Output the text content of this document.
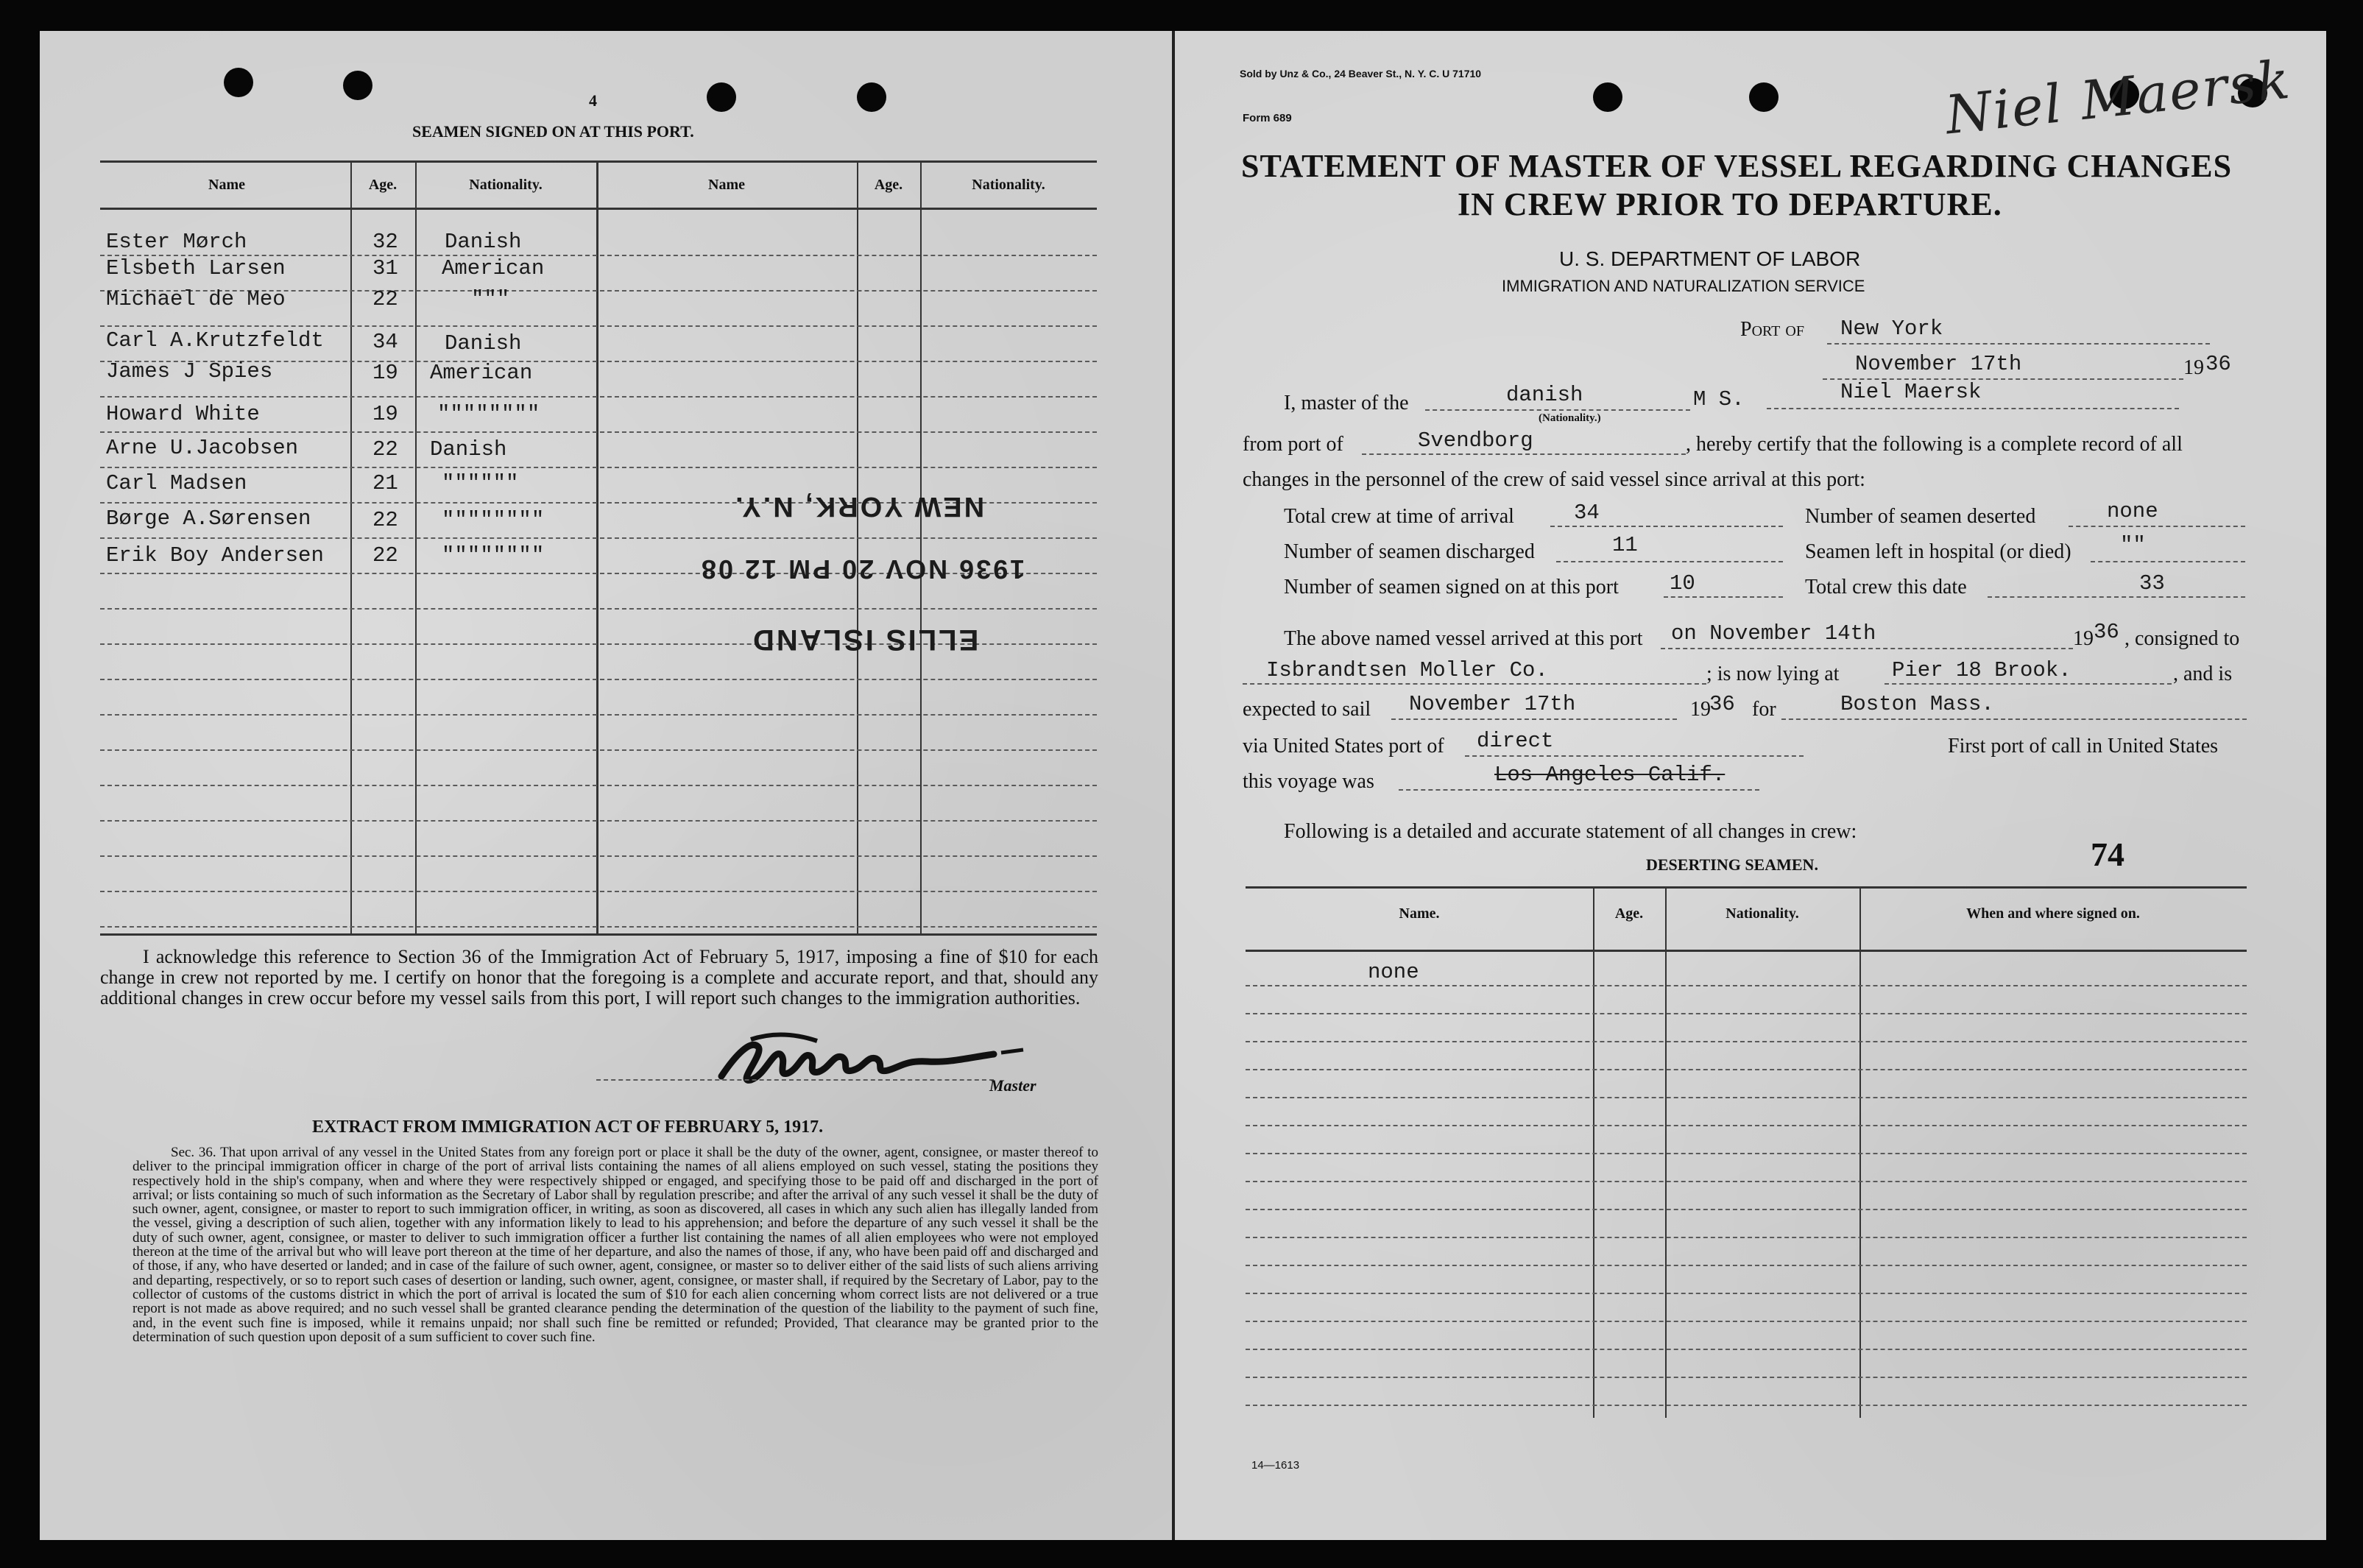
4
SEAMEN SIGNED ON AT THIS PORT.
Name	Age.	Nationality.	Name	Age.	Nationality.
Ester Mørch	32 Danish
Elsbeth Larsen	31 American
Michael de Meo	22	"""
Carl A.Krutzfeldt 34 Danish
James J Spies	19 American
Howard White	19 """"""""
Arne U.Jacobsen	22 Danish
Carl Madsen	21 """"""
Børge A.Sørensen	22 """"""""
Erik Boy Andersen 22 """"""""
NEW YORK, N.Y.
1936 NOV 20 PM 12 08
ELLIS ISLAND
I acknowledge this reference to Section 36 of the Immigration Act of February 5, 1917, imposing a fine of $10 for each change in crew not reported by me. I certify on honor that the foregoing is a complete and accurate report, and that, should any additional changes in crew occur before my vessel sails from this port, I will report such changes to the immigration authorities.
Master
EXTRACT FROM IMMIGRATION ACT OF FEBRUARY 5, 1917.
Sec. 36. That upon arrival of any vessel in the United States from any foreign port or place it shall be the duty of the owner, agent, consignee, or master thereof to deliver to the principal immigration officer in charge of the port of arrival lists containing the names of all aliens employed on such vessel, stating the positions they respectively hold in the ship's company, when and where they were respectively shipped or engaged, and specifying those to be paid off and discharged in the port of arrival; or lists containing so much of such information as the Secretary of Labor shall by regulation prescribe; and after the arrival of any such vessel it shall be the duty of such owner, agent, consignee, or master to report to such immigration officer, in writing, as soon as discovered, all cases in which any such alien has illegally landed from the vessel, giving a description of such alien, together with any information likely to lead to his apprehension; and before the departure of any such vessel it shall be the duty of such owner, agent, consignee, or master to deliver to such immigration officer a further list containing the names of all alien employees who were not employed thereon at the time of the arrival but who will leave port thereon at the time of her departure, and also the names of those, if any, who have been paid off and discharged and of those, if any, who have deserted or landed; and in case of the failure of such owner, agent, consignee, or master so to deliver either of the said lists of such aliens arriving and departing, respectively, or so to report such cases of desertion or landing, such owner, agent, consignee, or master shall, if required by the Secretary of Labor, pay to the collector of customs of the customs district in which the port of arrival is located the sum of $10 for each alien concerning whom correct lists are not delivered or a true report is not made as above required; and no such vessel shall be granted clearance pending the determination of the question of the liability to the payment of such fine, and, in the event such fine is imposed, while it remains unpaid; nor shall such fine be remitted or refunded; Provided, That clearance may be granted prior to the determination of such question upon deposit of a sum sufficient to cover such fine.
Sold by Unz & Co., 24 Beaver St., N. Y. C. U 71710
Form 689	Niel Maersk
STATEMENT OF MASTER OF VESSEL REGARDING CHANGES
IN CREW PRIOR TO DEPARTURE.
U. S. DEPARTMENT OF LABOR
IMMIGRATION AND NATURALIZATION SERVICE
Port of New York
November 17th	19 36
I, master of the	danish
(Nationality.)
M S.	Niel Maersk
from port of	Svendborg	, hereby certify that the following is a complete record of all
changes in the personnel of the crew of said vessel since arrival at this port:
Total crew at time of arrival	34	Number of seamen deserted	none
Number of seamen discharged	11	Seamen left in hospital (or died) ""
Number of seamen signed on at this port 10	Total crew this date	33
The above named vessel arrived at this port on November 14th	19 36 , consigned to
Isbrandtsen Moller Co.	; is now lying at Pier 18 Brook.	, and is
expected to sail November 17th	19
36 for	Boston Mass.
via United States port of direct	First port of call in United States
this voyage was	Los Angeles Calif.
Following is a detailed and accurate statement of all changes in crew:
DESERTING SEAMEN.	74
Name.	Age.	Nationality.	When and where signed on.
none
14—1613
